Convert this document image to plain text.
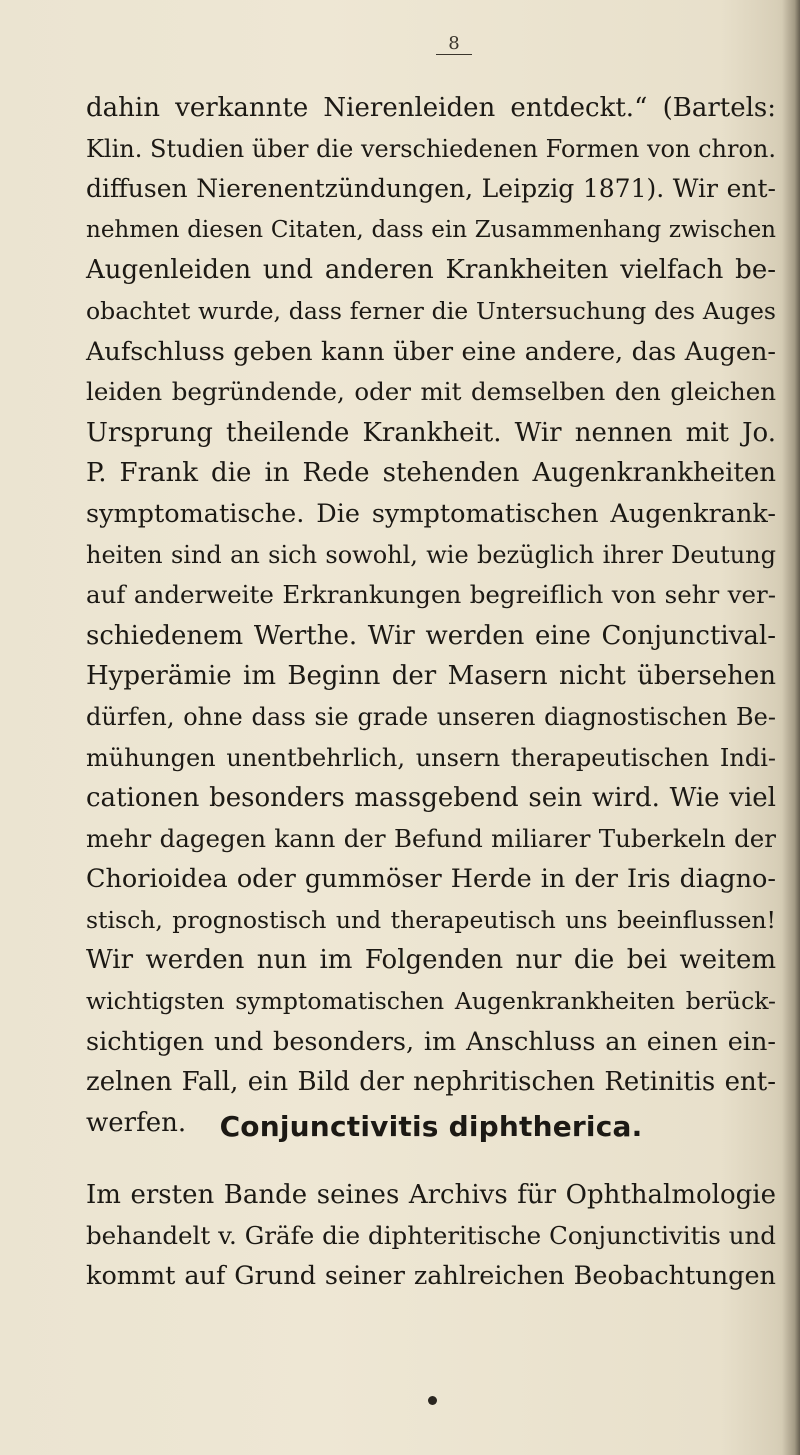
8
dahin verkannte Nierenleiden entdeckt.“ (Bartels:
Klin. Studien über die verschiedenen Formen von chron.
diffusen Nierenentzündungen, Leipzig 1871). Wir ent-
nehmen diesen Citaten, dass ein Zusammenhang zwischen
Augenleiden und anderen Krankheiten vielfach be-
obachtet wurde, dass ferner die Untersuchung des Auges
Aufschluss geben kann über eine andere, das Augen-
leiden begründende, oder mit demselben den gleichen
Ursprung theilende Krankheit. Wir nennen mit Jo.
P. Frank die in Rede stehenden Augenkrankheiten
symptomatische. Die symptomatischen Augenkrank-
heiten sind an sich sowohl, wie bezüglich ihrer Deutung
auf anderweite Erkrankungen begreiflich von sehr ver-
schiedenem Werthe. Wir werden eine Conjunctival-
Hyperämie im Beginn der Masern nicht übersehen
dürfen, ohne dass sie grade unseren diagnostischen Be-
mühungen unentbehrlich, unsern therapeutischen Indi-
cationen besonders massgebend sein wird. Wie viel
mehr dagegen kann der Befund miliarer Tuberkeln der
Chorioidea oder gummöser Herde in der Iris diagno-
stisch, prognostisch und therapeutisch uns beeinflussen!
Wir werden nun im Folgenden nur die bei weitem
wichtigsten symptomatischen Augenkrankheiten berück-
sichtigen und besonders, im Anschluss an einen ein-
zelnen Fall, ein Bild der nephritischen Retinitis ent-
werfen.	Conjunctivitis diphtherica.
Im ersten Bande seines Archivs für Ophthalmologie
behandelt v. Gräfe die diphteritische Conjunctivitis und
kommt auf Grund seiner zahlreichen Beobachtungen
